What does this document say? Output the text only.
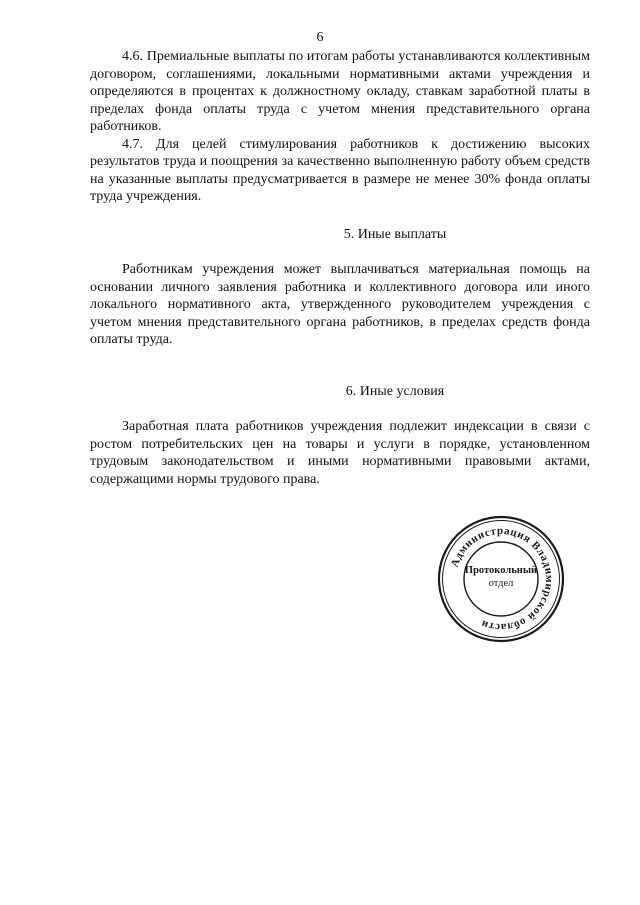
6

4.6. Премиальные выплаты по итогам работы устанавливаются коллективным договором, соглашениями, локальными нормативными актами учреждения и определяются в процентах к должностному окладу, ставкам заработной платы в пределах фонда оплаты труда с учетом мнения представительного органа работников.

4.7. Для целей стимулирования работников к достижению высоких результатов труда и поощрения за качественно выполненную работу объем средств на указанные выплаты предусматривается в размере не менее 30% фонда оплаты труда учреждения.

5. Иные выплаты

Работникам учреждения может выплачиваться материальная помощь на основании личного заявления работника и коллективного договора или иного локального нормативного акта, утвержденного руководителем учреждения с учетом мнения представительного органа работников, в пределах средств фонда оплаты труда.

6. Иные условия

Заработная плата работников учреждения подлежит индексации в связи с ростом потребительских цен на товары и услуги в порядке, установленном трудовым законодательством и иными нормативными правовыми актами, содержащими нормы трудового права.

Администрация Владимирской области
Протокольный
отдел
